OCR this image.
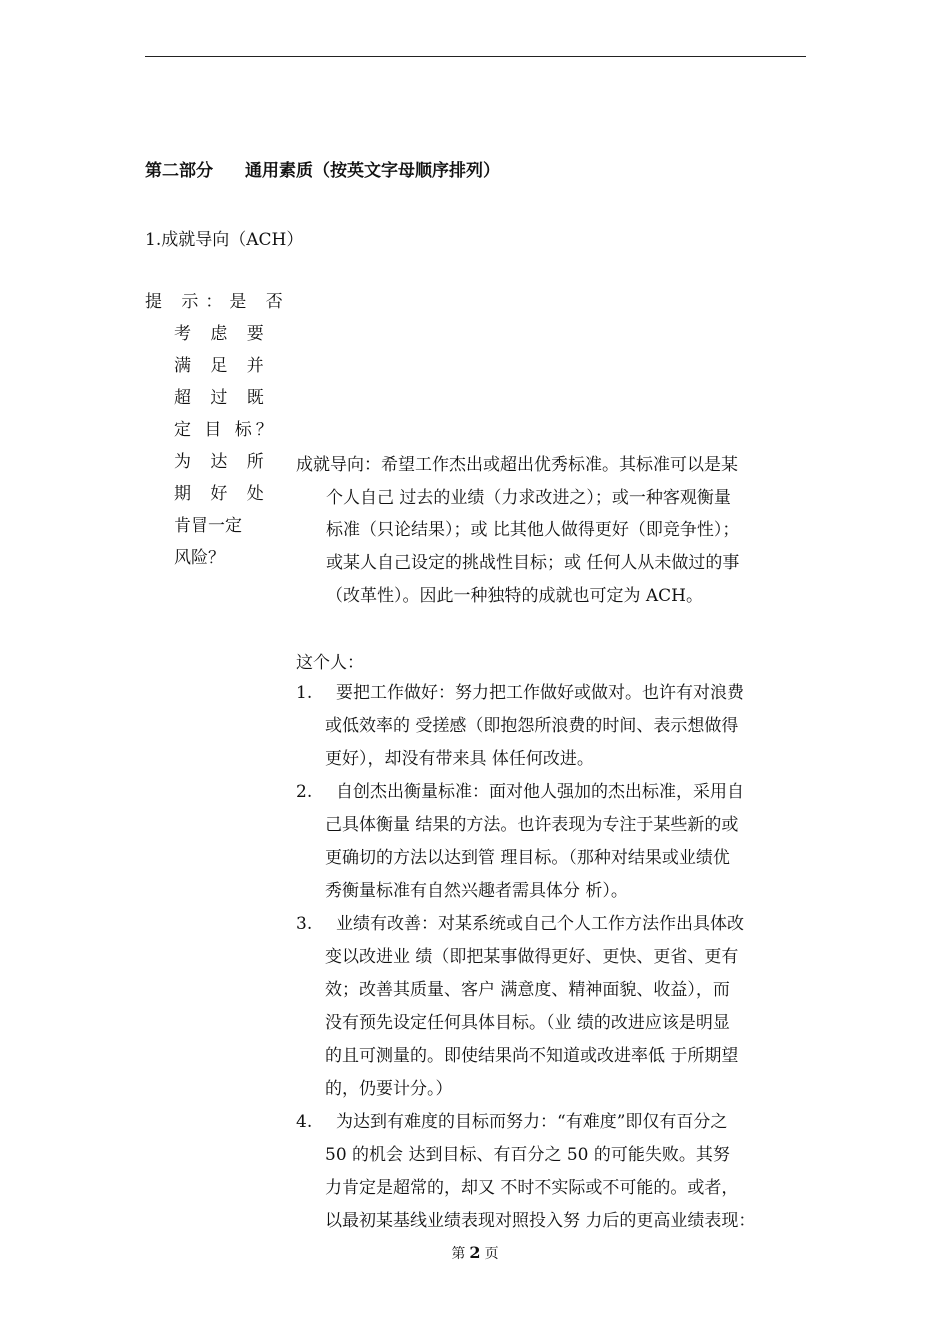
第二部分 通用素质（按英文字母顺序排列）
1.成就导向（ACH）
提 示：是 否
考 虑 要
满 足 并
超 过 既
定 目 标？
为 达 所
期 好 处
肯冒一定
风险？
成就导向：希望工作杰出或超出优秀标准。其标准可以是某
个人自己 过去的业绩（力求改进之）；或一种客观衡量
标准（只论结果）；或 比其他人做得更好（即竞争性）；
或某人自己设定的挑战性目标；或 任何人从未做过的事
（改革性）。因此一种独特的成就也可定为 ACH。
这个人：
1.	要把工作做好：努力把工作做好或做对。也许有对浪费
或低效率的 受搓感（即抱怨所浪费的时间、表示想做得
更好），却没有带来具 体任何改进。
2.	自创杰出衡量标准：面对他人强加的杰出标准，采用自
己具体衡量 结果的方法。也许表现为专注于某些新的或
更确切的方法以达到管 理目标。（那种对结果或业绩优
秀衡量标准有自然兴趣者需具体分 析）。
3.	业绩有改善：对某系统或自己个人工作方法作出具体改
变以改进业 绩（即把某事做得更好、更快、更省、更有
效；改善其质量、客户 满意度、精神面貌、收益），而
没有预先设定任何具体目标。（业 绩的改进应该是明显
的且可测量的。即使结果尚不知道或改进率低 于所期望
的，仍要计分。）
4.	为达到有难度的目标而努力：“有难度”即仅有百分之
50 的机会 达到目标、有百分之 50 的可能失败。其努
力肯定是超常的，却又 不时不实际或不可能的。或者，
以最初某基线业绩表现对照投入努 力后的更高业绩表现：
第 2 页
